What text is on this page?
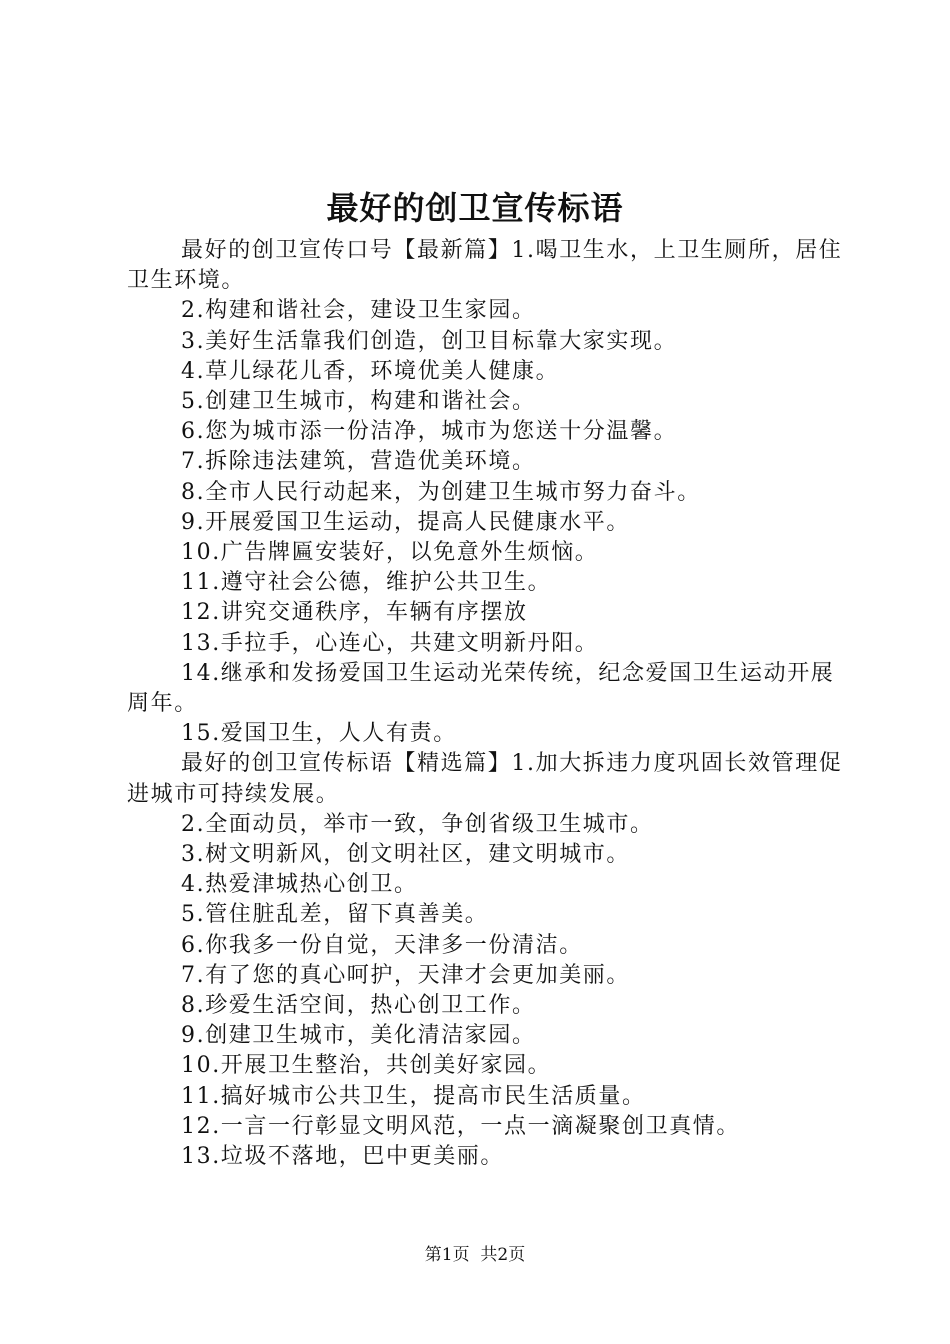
最好的创卫宣传标语

最好的创卫宣传口号【最新篇】1.喝卫生水，上卫生厕所，居住卫生环境。

2.构建和谐社会，建设卫生家园。

3.美好生活靠我们创造，创卫目标靠大家实现。

4.草儿绿花儿香，环境优美人健康。

5.创建卫生城市，构建和谐社会。

6.您为城市添一份洁净，城市为您送十分温馨。

7.拆除违法建筑，营造优美环境。

8.全市人民行动起来，为创建卫生城市努力奋斗。

9.开展爱国卫生运动，提高人民健康水平。

10.广告牌匾安装好，以免意外生烦恼。

11.遵守社会公德，维护公共卫生。

12.讲究交通秩序，车辆有序摆放

13.手拉手，心连心，共建文明新丹阳。

14.继承和发扬爱国卫生运动光荣传统，纪念爱国卫生运动开展周年。

15.爱国卫生，人人有责。

最好的创卫宣传标语【精选篇】1.加大拆违力度巩固长效管理促进城市可持续发展。

2.全面动员，举市一致，争创省级卫生城市。

3.树文明新风，创文明社区，建文明城市。

4.热爱津城热心创卫。

5.管住脏乱差，留下真善美。

6.你我多一份自觉，天津多一份清洁。

7.有了您的真心呵护，天津才会更加美丽。

8.珍爱生活空间，热心创卫工作。

9.创建卫生城市，美化清洁家园。

10.开展卫生整治，共创美好家园。

11.搞好城市公共卫生，提高市民生活质量。

12.一言一行彰显文明风范，一点一滴凝聚创卫真情。

13.垃圾不落地，巴中更美丽。

第1页 共2页
